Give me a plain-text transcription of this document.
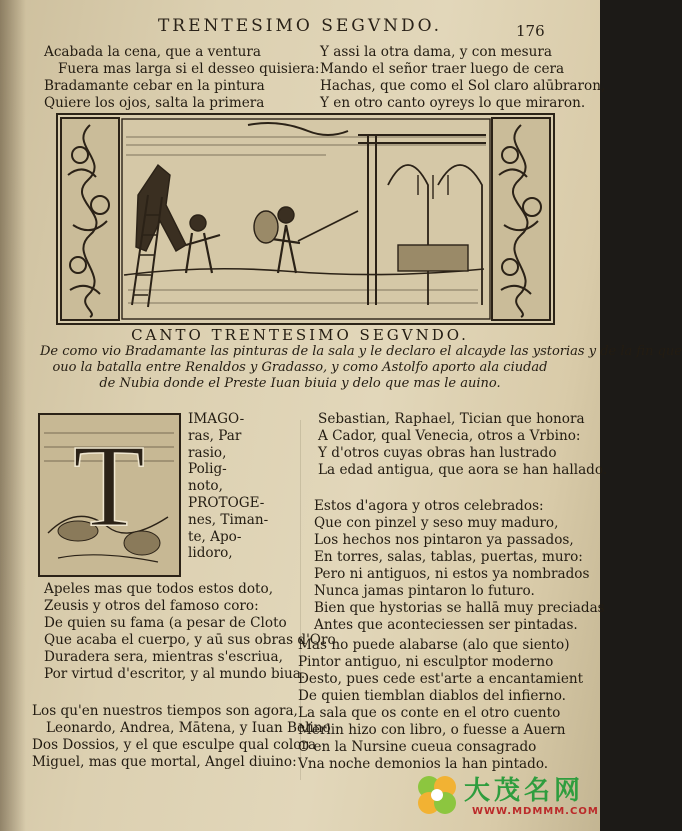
TRENTESIMO SEGVNDO.	176
Acabada la cena, que a ventura
Fuera mas larga si el desseo quisiera:
Bradamante cebar en la pintura
Quiere los ojos, salta la primera
Y assi la otra dama, y con mesura
Mando el señor traer luego de cera
Hachas, que como el Sol claro alūbraron,
Y en otro canto oyreys lo que miraron.
CANTO TRENTESIMO SEGVNDO.
De como vio Bradamante las pinturas de la sala y le declaro el alcayde las ystorias y de la fin que
ouo la batalla entre Renaldos y Gradasso, y como Astolfo aporto ala ciudad
de Nubia donde el Preste Iuan biuia y delo que mas le auino.
T
IMAGO-
ras, Par
rasio,
Polig-
noto,
PROTOGE-
nes, Timan-
te, Apo-
lidoro,
Apeles mas que todos estos doto,
Zeusis y otros del famoso coro:
De quien su fama (a pesar de Cloto
Que acaba el cuerpo, y aū sus obras d'Oro
Duradera sera, mientras s'escriua,
Por virtud d'escritor, y al mundo biua.
Los qu'en nuestros tiempos son agora,
Leonardo, Andrea, Mātena, y Iuan Belino
Dos Dossios, y el que esculpe qual colora
Miguel, mas que mortal, Angel diuino:
Sebastian, Raphael, Tician que honora
A Cador, qual Venecia, otros a Vrbino:
Y d'otros cuyas obras han lustrado
La edad antigua, que aora se han hallado.
Estos d'agora y otros celebrados:
Que con pinzel y seso muy maduro,
Los hechos nos pintaron ya passados,
En torres, salas, tablas, puertas, muro:
Pero ni antiguos, ni estos ya nombrados
Nunca jamas pintaron lo futuro.
Bien que hystorias se hallā muy preciadas
Antes que aconteciessen ser pintadas.
Mas no puede alabarse (alo que siento)
Pintor antiguo, ni esculptor moderno
Desto, pues cede est'arte a encantamient
De quien tiemblan diablos del infierno.
La sala que os conte en el otro cuento
Merlin hizo con libro, o fuesse a Auern
O en la Nursine cueua consagrado
Vna noche demonios la han pintado.
大茂名网
WWW.MDMMM.COM
